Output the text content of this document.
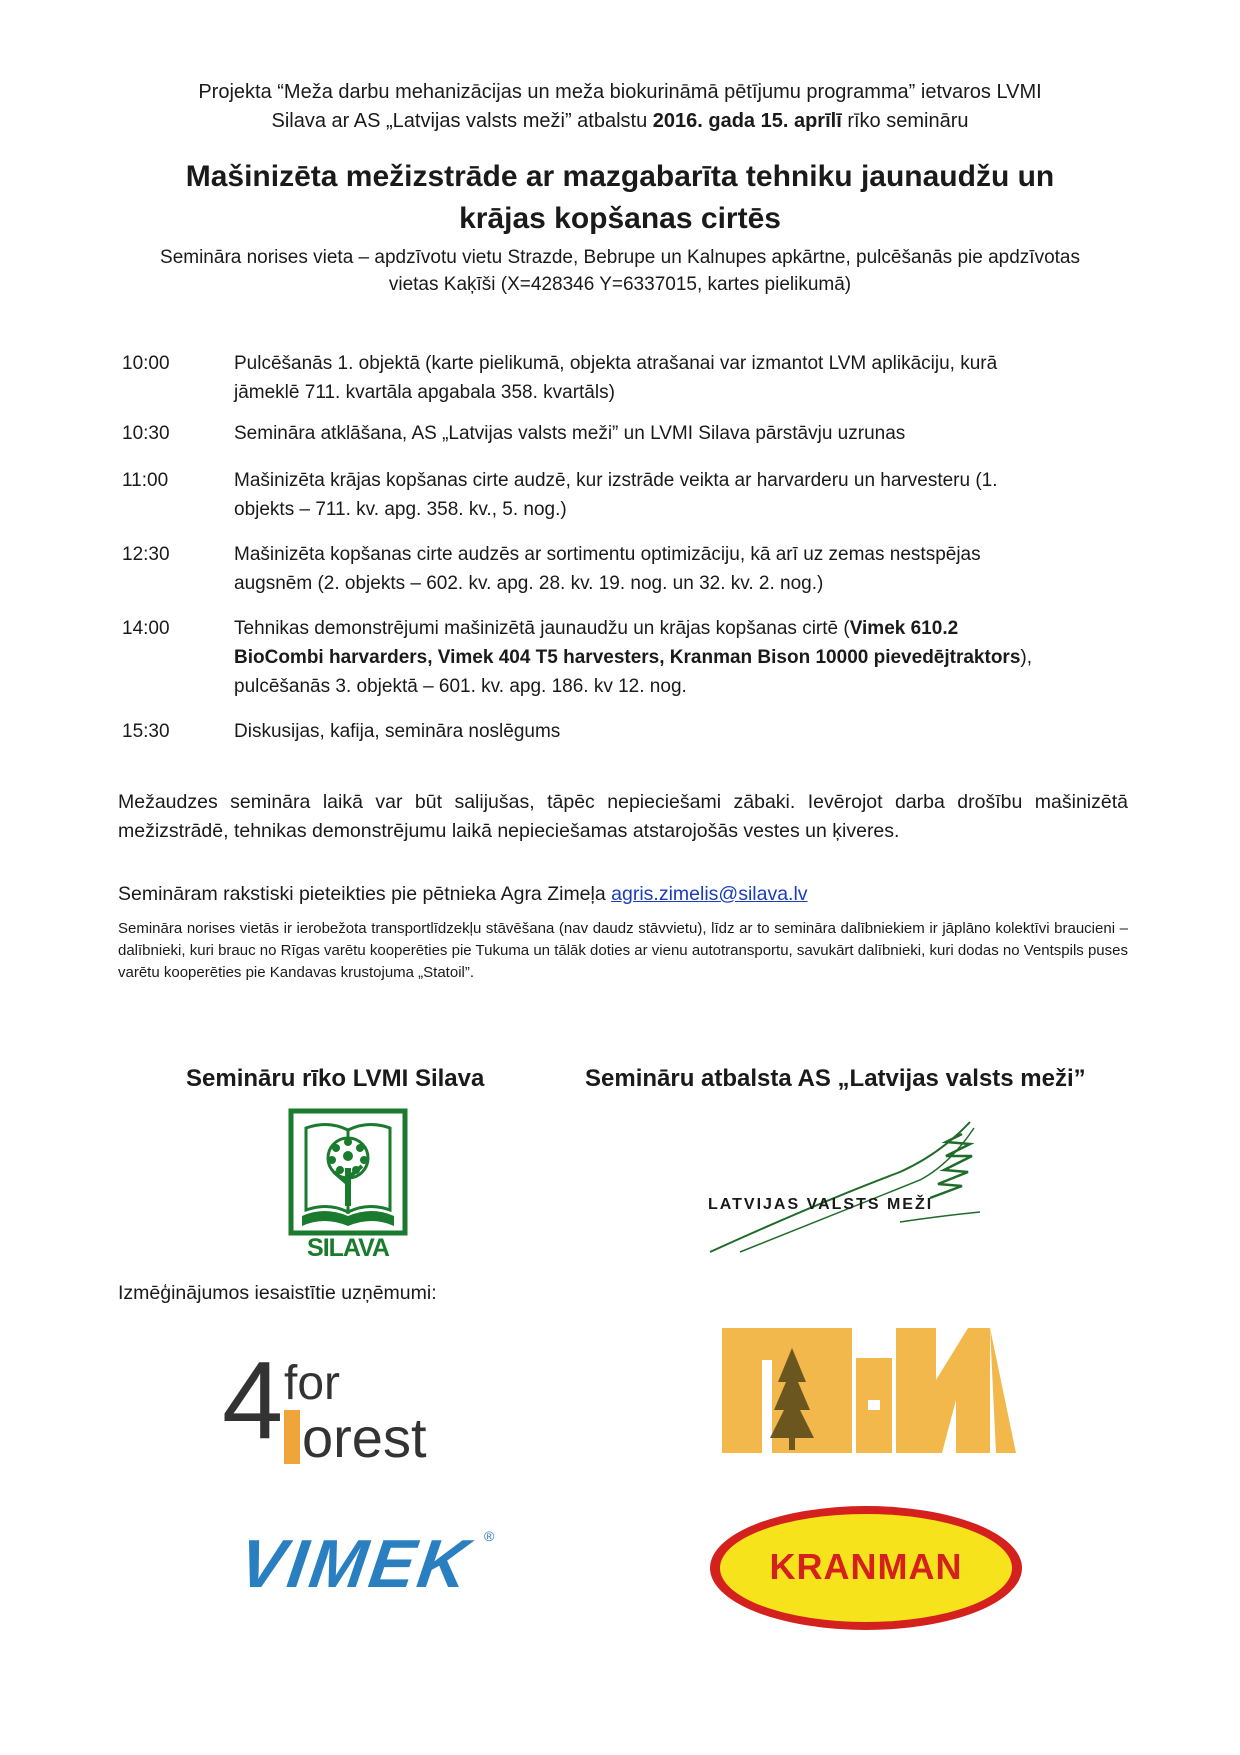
Projekta “Meža darbu mehanizācijas un meža biokurināmā pētījumu programma” ietvaros LVMI
Silava ar AS „Latvijas valsts meži” atbalstu 2016. gada 15. aprīlī rīko semināru
Mašinizēta mežizstrāde ar mazgabarīta tehniku jaunaudžu un
krājas kopšanas cirtēs
Semināra norises vieta – apdzīvotu vietu Strazde, Bebrupe un Kalnupes apkārtne, pulcēšanās pie apdzīvotas
vietas Kaķīši (X=428346 Y=6337015, kartes pielikumā)
10:00	Pulcēšanās 1. objektā (karte pielikumā, objekta atrašanai var izmantot LVM aplikāciju, kurā
jāmeklē 711. kvartāla apgabala 358. kvartāls)
10:30	Semināra atklāšana, AS „Latvijas valsts meži” un LVMI Silava pārstāvju uzrunas
11:00	Mašinizēta krājas kopšanas cirte audzē, kur izstrāde veikta ar harvarderu un harvesteru (1.
objekts – 711. kv. apg. 358. kv., 5. nog.)
12:30	Mašinizēta kopšanas cirte audzēs ar sortimentu optimizāciju, kā arī uz zemas nestspējas
augsnēm (2. objekts – 602. kv. apg. 28. kv. 19. nog. un 32. kv. 2. nog.)
14:00	Tehnikas demonstrējumi mašinizētā jaunaudžu un krājas kopšanas cirtē (Vimek 610.2
BioCombi harvarders, Vimek 404 T5 harvesters, Kranman Bison 10000 pievedējtraktors),
pulcēšanās 3. objektā – 601. kv. apg. 186. kv 12. nog.
15:30	Diskusijas, kafija, semināra noslēgums
Mežaudzes semināra laikā var būt salijušas, tāpēc nepieciešami zābaki. Ievērojot darba drošību mašinizētā mežizstrādē, tehnikas demonstrējumu laikā nepieciešamas atstarojošās vestes un ķiveres.
Semināram rakstiski pieteikties pie pētnieka Agra Zimeļa agris.zimelis@silava.lv
Semināra norises vietās ir ierobežota transportlīdzekļu stāvēšana (nav daudz stāvvietu), līdz ar to semināra dalībniekiem ir jāplāno kolektīvi braucieni – dalībnieki, kuri brauc no Rīgas varētu kooperēties pie Tukuma un tālāk doties ar vienu autotransportu, savukārt dalībnieki, kuri dodas no Ventspils puses varētu kooperēties pie Kandavas krustojuma „Statoil”.
Semināru rīko LVMI Silava	Semināru atbalsta AS „Latvijas valsts meži”
SILAVA
LATVIJAS VALSTS MEŽI
Izmēģinājumos iesaistītie uzņēmumi:
4 for
orest
VIMEK ®
KRANMAN
